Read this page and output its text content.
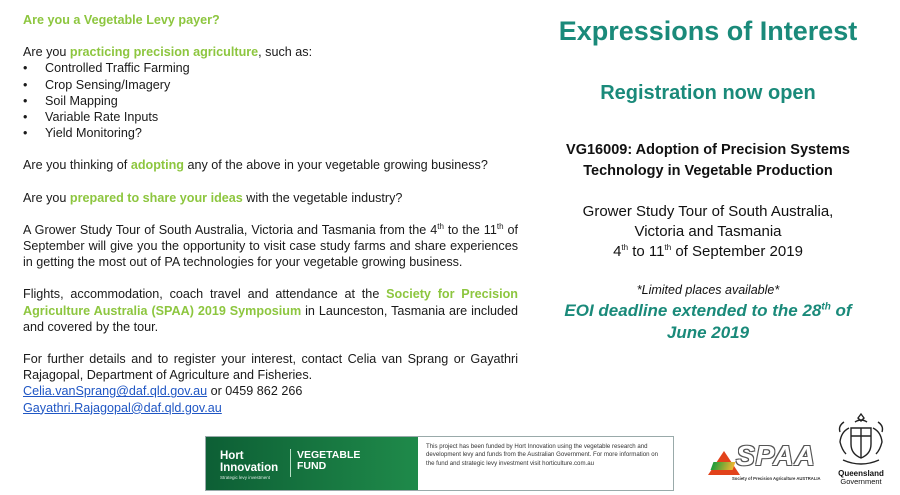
Are you a Vegetable Levy payer?

Are you practicing precision agriculture, such as:

• Controlled Traffic Farming
• Crop Sensing/Imagery
• Soil Mapping
• Variable Rate Inputs
• Yield Monitoring?

Are you thinking of adopting any of the above in your vegetable growing business?

Are you prepared to share your ideas with the vegetable industry?

A Grower Study Tour of South Australia, Victoria and Tasmania from the 4th to the 11th of September will give you the opportunity to visit case study farms and share experiences in getting the most out of PA technologies for your vegetable growing business.

Flights, accommodation, coach travel and attendance at the Society for Precision Agriculture Australia (SPAA) 2019 Symposium in Launceston, Tasmania are included and covered by the tour.

For further details and to register your interest, contact Celia van Sprang or Gayathri Rajagopal, Department of Agriculture and Fisheries.

Celia.vanSprang@daf.qld.gov.au or 0459 862 266

Gayathri.Rajagopal@daf.qld.gov.au

Expressions of Interest
Registration now open
VG16009: Adoption of Precision Systems Technology in Vegetable Production
Grower Study Tour of South Australia,
Victoria and Tasmania
4th to 11th of September 2019
*Limited places available*
EOI deadline extended to the 28th of
June 2019
Hort
Innovation
Strategic levy investment
VEGETABLE
FUND
This project has been funded by Hort Innovation using the vegetable research and development levy and funds from the Australian Government. For more information on the fund and strategic levy investment visit horticulture.com.au	SPAA
Society of Precision Agriculture AUSTRALIA
Queensland
Government
